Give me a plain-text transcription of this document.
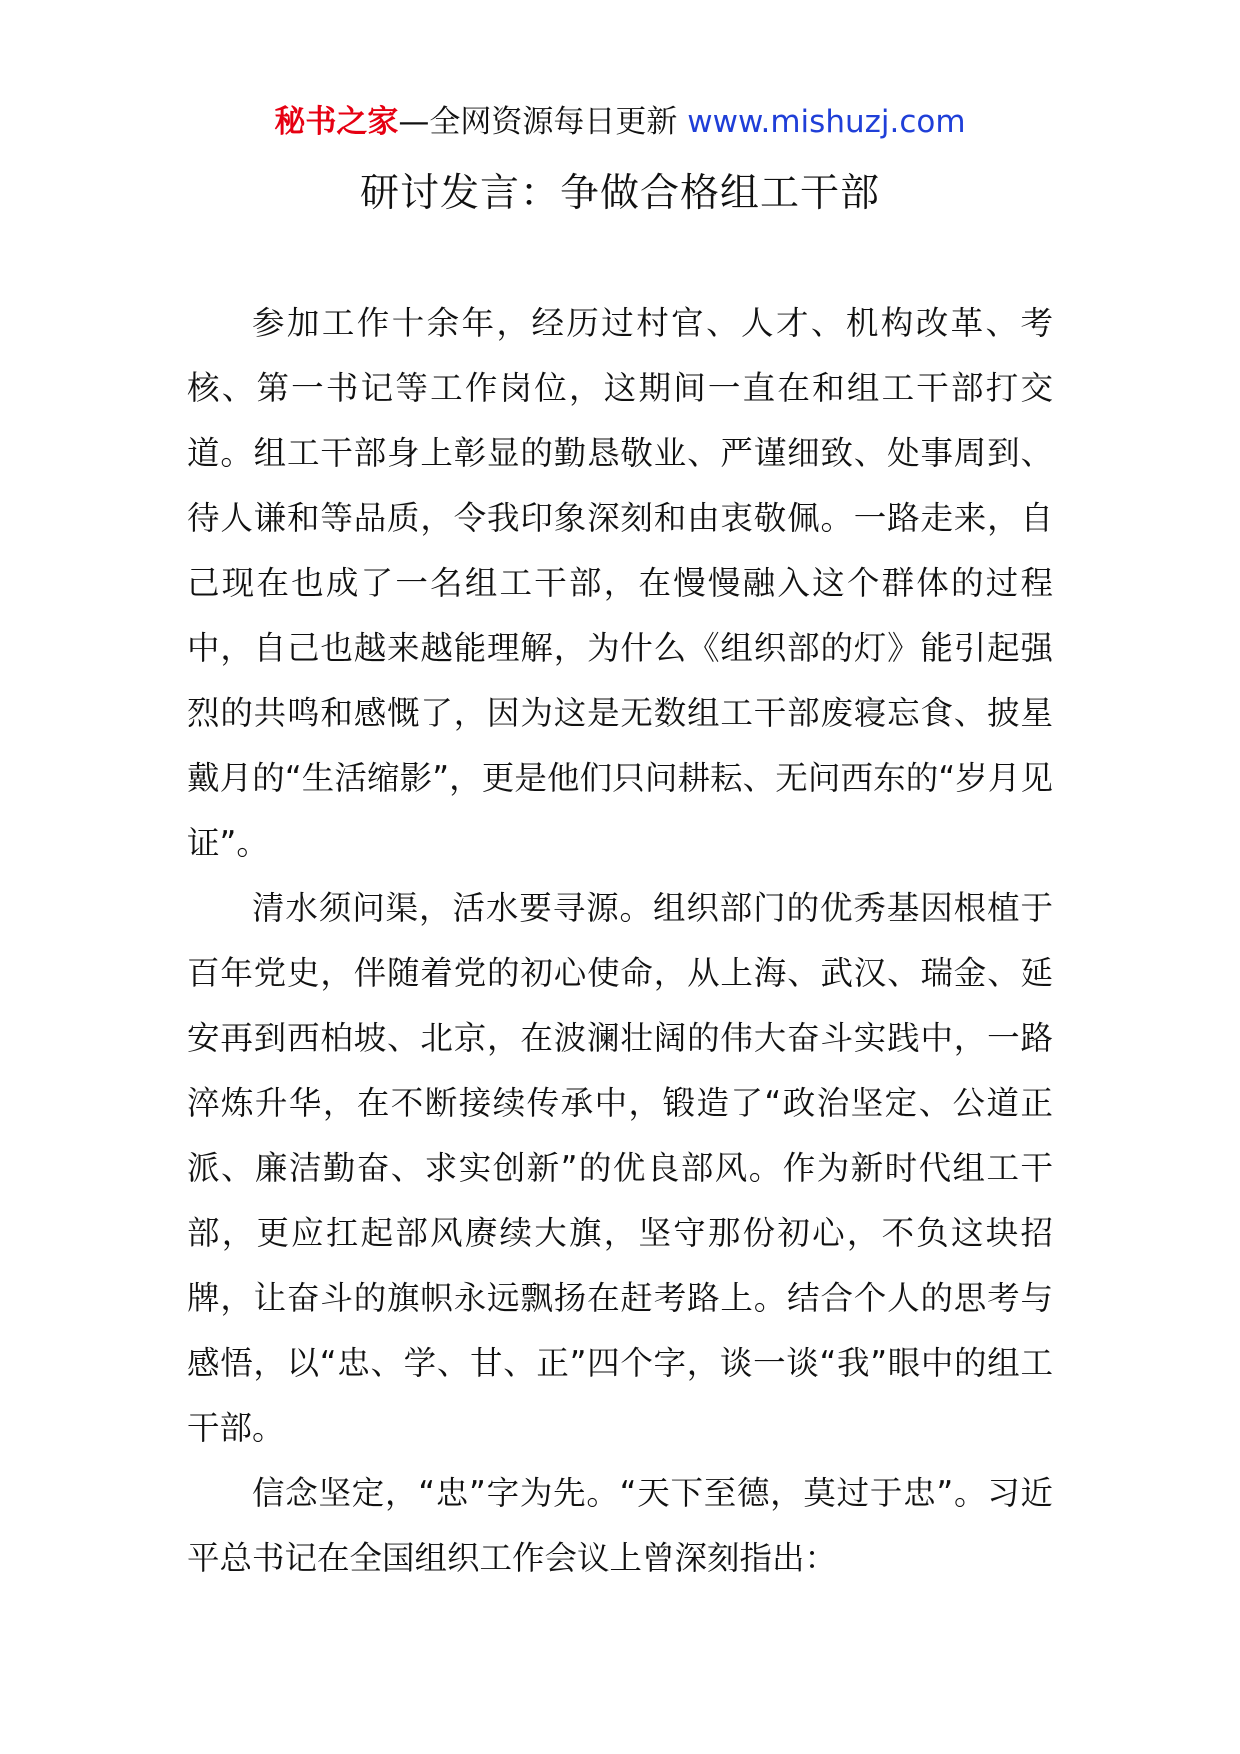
秘书之家—全网资源每日更新 www.mishuzj.com
研讨发言：争做合格组工干部

参加工作十余年，经历过村官、人才、机构改革、考核、第一书记等工作岗位，这期间一直在和组工干部打交道。组工干部身上彰显的勤恳敬业、严谨细致、处事周到、待人谦和等品质，令我印象深刻和由衷敬佩。一路走来，自己现在也成了一名组工干部，在慢慢融入这个群体的过程中，自己也越来越能理解，为什么《组织部的灯》能引起强烈的共鸣和感慨了，因为这是无数组工干部废寝忘食、披星戴月的“生活缩影”，更是他们只问耕耘、无问西东的“岁月见证”。

清水须问渠，活水要寻源。组织部门的优秀基因根植于百年党史，伴随着党的初心使命，从上海、武汉、瑞金、延安再到西柏坡、北京，在波澜壮阔的伟大奋斗实践中，一路淬炼升华，在不断接续传承中，锻造了“政治坚定、公道正派、廉洁勤奋、求实创新”的优良部风。作为新时代组工干部，更应扛起部风赓续大旗，坚守那份初心，不负这块招牌，让奋斗的旗帜永远飘扬在赶考路上。结合个人的思考与感悟，以“忠、学、甘、正”四个字，谈一谈“我”眼中的组工干部。

信念坚定，“忠”字为先。“天下至德，莫过于忠”。习近平总书记在全国组织工作会议上曾深刻指出：
